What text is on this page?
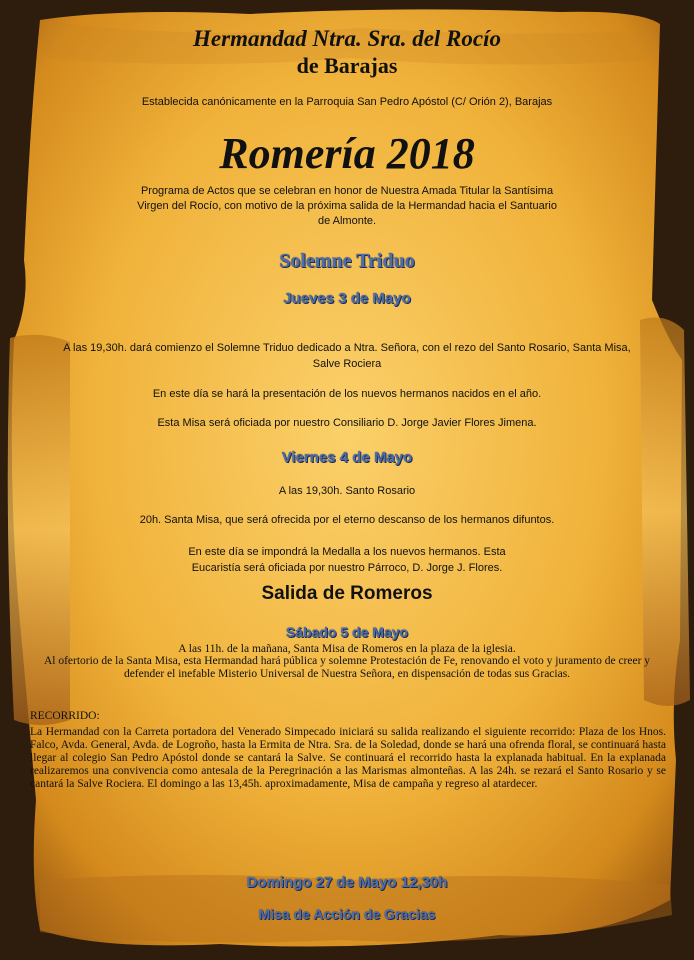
Hermandad Ntra. Sra. del Rocío

de Barajas

Establecida canónicamente en la Parroquia San Pedro Apóstol (C/ Orión 2), Barajas

Romería 2018

Programa de Actos que se celebran en honor de Nuestra Amada Titular la Santísima Virgen del Rocío, con motivo de la próxima salida de la Hermandad hacia el Santuario de Almonte.

Solemne Triduo

Jueves 3 de Mayo

A las 19,30h. dará comienzo el Solemne Triduo dedicado a Ntra. Señora, con el rezo del Santo Rosario, Santa Misa, Salve Rociera

En este día se hará la presentación de los nuevos hermanos nacidos en el año.

Esta Misa será oficiada por nuestro Consiliario D. Jorge Javier Flores Jimena.

Viernes 4 de Mayo

A las 19,30h. Santo Rosario

20h. Santa Misa, que será ofrecida por el eterno descanso de los hermanos difuntos.

En este día se impondrá la Medalla a los nuevos hermanos. Esta Eucaristía será oficiada por nuestro Párroco, D. Jorge J. Flores.

Salida de Romeros

Sábado 5 de Mayo

A las 11h. de la mañana, Santa Misa de Romeros en la plaza de la iglesia.

Al ofertorio de la Santa Misa, esta Hermandad hará pública y solemne Protestación de Fe, renovando el voto y juramento de creer y defender el inefable Misterio Universal de Nuestra Señora, en dispensación de todas sus Gracias.

RECORRIDO:

La Hermandad con la Carreta portadora del Venerado Simpecado iniciará su salida realizando el siguiente recorrido: Plaza de los Hnos. Falco, Avda. General, Avda. de Logroño, hasta la Ermita de Ntra. Sra. de la Soledad, donde se hará una ofrenda floral, se continuará hasta llegar al colegio San Pedro Apóstol donde se cantará la Salve. Se continuará el recorrido hasta la explanada habitual. En la explanada realizaremos una convivencia como antesala de la Peregrinación a las Marismas almonteñas. A las 24h. se rezará el Santo Rosario y se cantará la Salve Rociera. El domingo a las 13,45h. aproximadamente, Misa de campaña y regreso al atardecer.

Domingo 27 de Mayo 12,30h

Misa de Acción de Gracias
